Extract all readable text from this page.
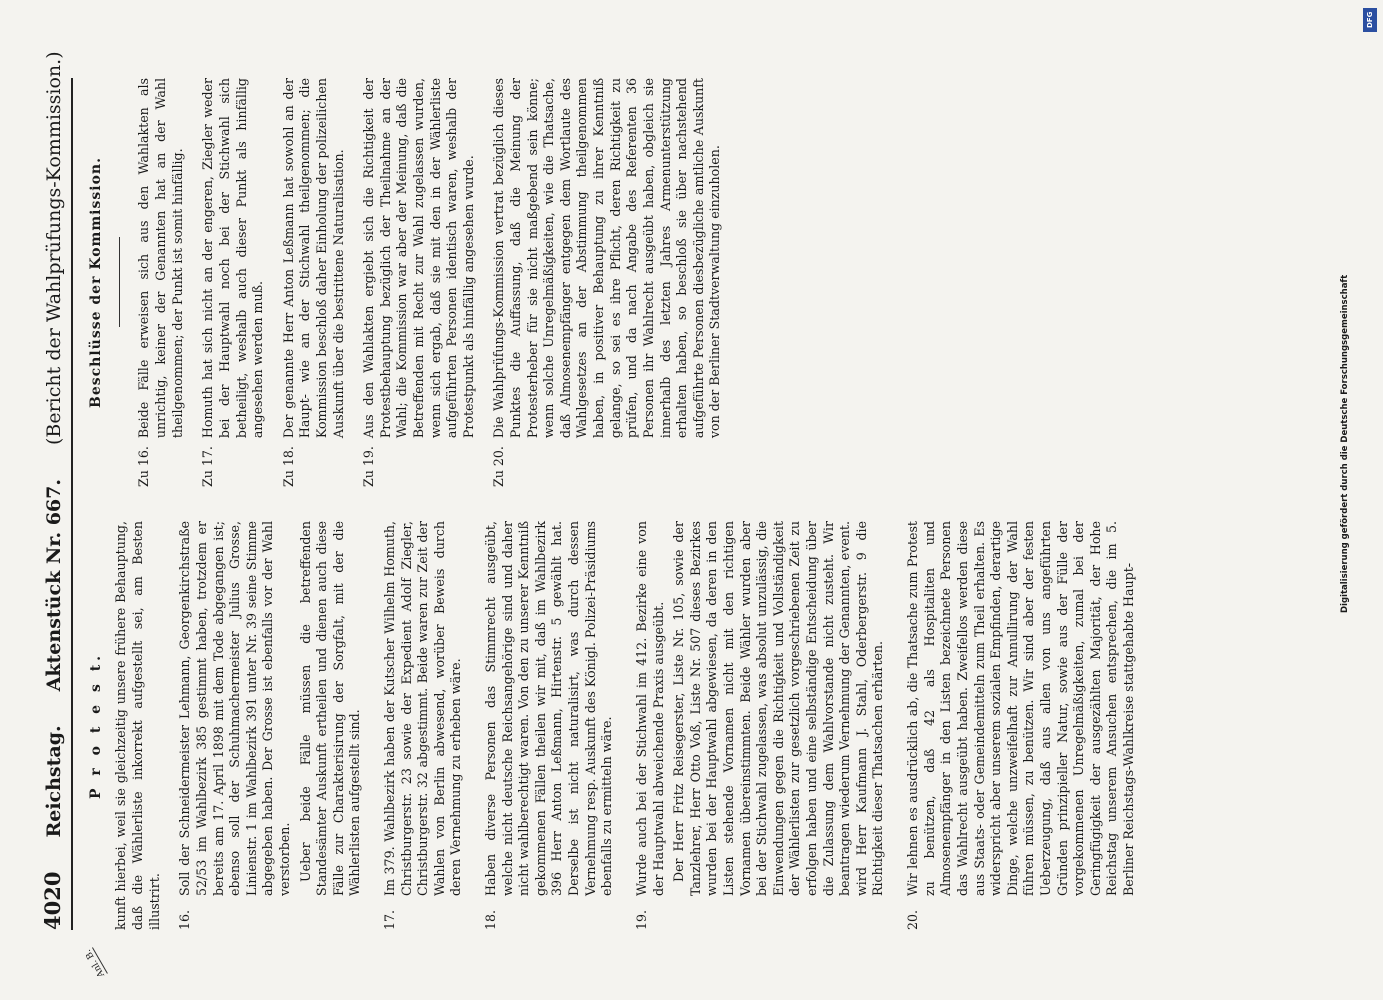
Anl. B.
4020
Reichstag.
Aktenstück Nr. 667.
(Bericht der Wahlprüfungs-Kommission.)
P r o t e s t. kunft hierbei, weil sie gleichzeitig unsere frühere Behauptung, daß die Wählerliste inkorrekt aufgestellt sei, am Besten illustrirt. 16.

Soll der Schneidermeister Lehmann, Georgenkirchstraße 52/53 im Wahlbezirk 385 gestimmt haben, trotzdem er bereits am 17. April 1898 mit dem Tode abgegangen ist; ebenso soll der Schuhmachermeister Julius Grosse, Linienstr. 1 im Wahlbezirk 391 unter Nr. 39 seine Stimme abgegeben haben. Der Grosse ist ebenfalls vor der Wahl verstorben. Ueber beide Fälle müssen die betreffenden Standesämter Auskunft ertheilen und dienen auch diese Fälle zur Charakterisirung der Sorgfalt, mit der die Wählerlisten aufgestellt sind.

17.

Im 379. Wahlbezirk haben der Kutscher Wilhelm Homuth, Christburgerstr. 23 sowie der Expedient Adolf Ziegler, Christburgerstr. 32 abgestimmt. Beide waren zur Zeit der Wahlen von Berlin abwesend, worüber Beweis durch deren Vernehmung zu erheben wäre.

18.

Haben diverse Personen das Stimmrecht ausgeübt, welche nicht deutsche Reichsangehörige sind und daher nicht wahlberechtigt waren. Von den zu unserer Kenntniß gekommenen Fällen theilen wir mit, daß im Wahlbezirk 396 Herr Anton Leßmann, Hirtenstr. 5 gewählt hat. Derselbe ist nicht naturalisirt, was durch dessen Vernehmung resp. Auskunft des Königl. Polizei-Präsidiums ebenfalls zu ermitteln wäre.

19.

Wurde auch bei der Stichwahl im 412. Bezirke eine von der Hauptwahl abweichende Praxis ausgeübt. Der Herr Fritz Reisegerster, Liste Nr. 105, sowie der Tanzlehrer, Herr Otto Voß, Liste Nr. 507 dieses Bezirkes wurden bei der Hauptwahl abgewiesen, da deren in den Listen stehende Vornamen nicht mit den richtigen Vornamen übereinstimmten. Beide Wähler wurden aber bei der Stichwahl zugelassen, was absolut unzulässig, die Einwendungen gegen die Richtigkeit und Vollständigkeit der Wählerlisten zur gesetzlich vorgeschriebenen Zeit zu erfolgen haben und eine selbständige Entscheidung über die Zulassung dem Wahlvorstande nicht zusteht. Wir beantragen wiederum Vernehmung der Genannten, event. wird Herr Kaufmann J. Stahl, Oderbergerstr. 9 die Richtigkeit dieser Thatsachen erhärten.

20.

Wir lehnen es ausdrücklich ab, die Thatsache zum Protest zu benützen, daß 42 als Hospitaliten und Almosenempfänger in den Listen bezeichnete Personen das Wahlrecht ausgeübt haben. Zweifellos werden diese aus Staats- oder Gemeindemitteln zum Theil erhalten. Es widerspricht aber unserem sozialen Empfinden, derartige Dinge, welche unzweifelhaft zur Annullirung der Wahl führen müssen, zu benützen. Wir sind aber der festen Ueberzeugung, daß aus allen von uns angeführten Gründen prinzipieller Natur, sowie aus der Fülle der vorgekommenen Unregelmäßigkeiten, zumal bei der Geringfügigkeit der ausgezählten Majorität, der Hohe Reichstag unserem Ansuchen entsprechen, die im 5. Berliner Reichstags-Wahlkreise stattgehabte Haupt-

Beschlüsse der Kommission.
Zu 16.
Beide Fälle erweisen sich aus den Wahlakten als unrichtig, keiner der Genannten hat an der Wahl theilgenommen; der Punkt ist somit hinfällig.
Zu 17.
Homuth hat sich nicht an der engeren, Ziegler weder bei der Hauptwahl noch bei der Stichwahl sich betheiligt, weshalb auch dieser Punkt als hinfällig angesehen werden muß.
Zu 18.
Der genannte Herr Anton Leßmann hat sowohl an der Haupt- wie an der Stichwahl theilgenommen; die Kommission beschloß daher Einholung der polizeilichen Auskunft über die bestrittene Naturalisation.
Zu 19.
Aus den Wahlakten ergiebt sich die Richtigkeit der Protestbehauptung bezüglich der Theilnahme an der Wahl; die Kommission war aber der Meinung, daß die Betreffenden mit Recht zur Wahl zugelassen wurden, wenn sich ergab, daß sie mit den in der Wählerliste aufgeführten Personen identisch waren, weshalb der Protestpunkt als hinfällig angesehen wurde.
Zu 20.
Die Wahlprüfungs-Kommission vertrat bezüglich dieses Punktes die Auffassung, daß die Meinung der Protesterheber für sie nicht maßgebend sein könne; wenn solche Unregelmäßigkeiten, wie die Thatsache, daß Almosenempfänger entgegen dem Wortlaute des Wahlgesetzes an der Abstimmung theilgenommen haben, in positiver Behauptung zu ihrer Kenntniß gelange, so sei es ihre Pflicht, deren Richtigkeit zu prüfen, und da nach Angabe des Referenten 36 Personen ihr Wahlrecht ausgeübt haben, obgleich sie innerhalb des letzten Jahres Armenunterstützung erhalten haben, so beschloß sie über nachstehend aufgeführte Personen diesbezügliche amtliche Auskunft von der Berliner Stadtverwaltung einzuholen.	Digitalisierung gefördert durch die Deutsche Forschungsgemeinschaft
DFG
